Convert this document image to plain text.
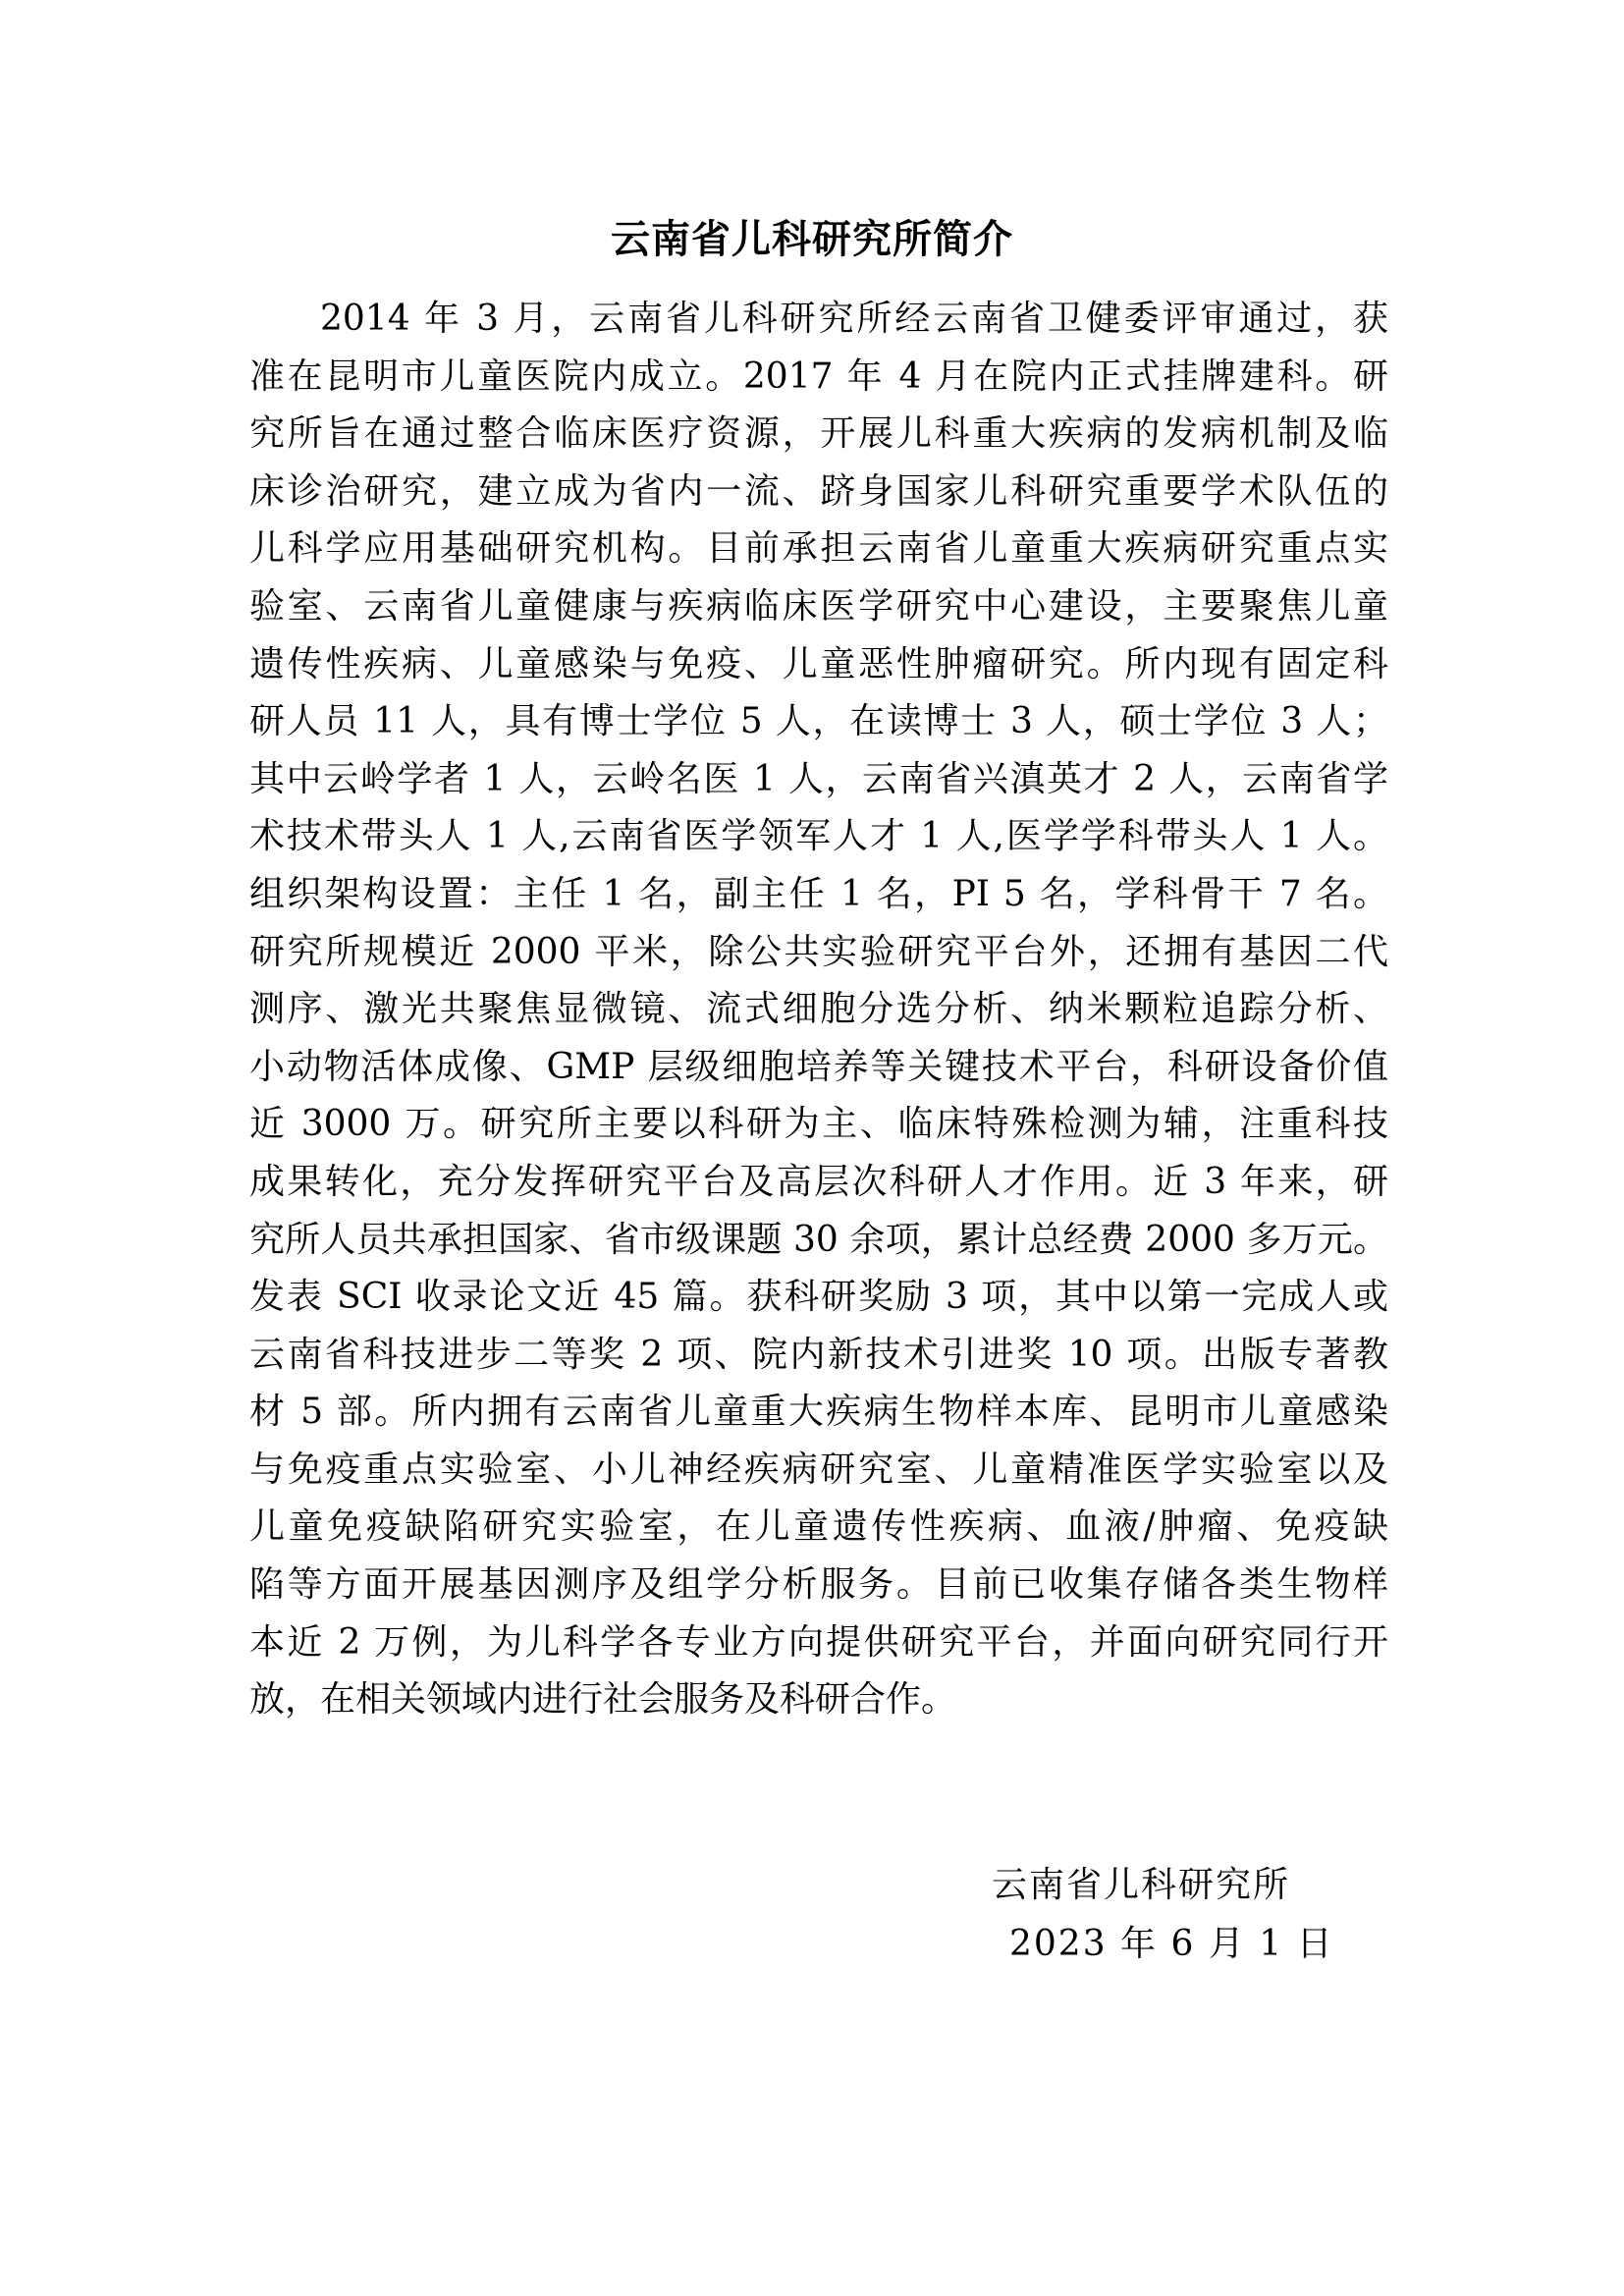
云南省儿科研究所简介
2014 年 3 月，云南省儿科研究所经云南省卫健委评审通过，获
准在昆明市儿童医院内成立。2017 年 4 月在院内正式挂牌建科。研
究所旨在通过整合临床医疗资源，开展儿科重大疾病的发病机制及临
床诊治研究，建立成为省内一流、跻身国家儿科研究重要学术队伍的
儿科学应用基础研究机构。目前承担云南省儿童重大疾病研究重点实
验室、云南省儿童健康与疾病临床医学研究中心建设，主要聚焦儿童
遗传性疾病、儿童感染与免疫、儿童恶性肿瘤研究。所内现有固定科
研人员 11 人，具有博士学位 5 人，在读博士 3 人，硕士学位 3 人；
其中云岭学者 1 人，云岭名医 1 人，云南省兴滇英才 2 人，云南省学
术技术带头人 1 人,云南省医学领军人才 1 人,医学学科带头人 1 人。
组织架构设置：主任 1 名，副主任 1 名，PI 5 名，学科骨干 7 名。
研究所规模近 2000 平米，除公共实验研究平台外，还拥有基因二代
测序、激光共聚焦显微镜、流式细胞分选分析、纳米颗粒追踪分析、
小动物活体成像、GMP 层级细胞培养等关键技术平台，科研设备价值
近 3000 万。研究所主要以科研为主、临床特殊检测为辅，注重科技
成果转化，充分发挥研究平台及高层次科研人才作用。近 3 年来，研
究所人员共承担国家、省市级课题 30 余项，累计总经费 2000 多万元。
发表 SCI 收录论文近 45 篇。获科研奖励 3 项，其中以第一完成人或
云南省科技进步二等奖 2 项、院内新技术引进奖 10 项。出版专著教
材 5 部。所内拥有云南省儿童重大疾病生物样本库、昆明市儿童感染
与免疫重点实验室、小儿神经疾病研究室、儿童精准医学实验室以及
儿童免疫缺陷研究实验室，在儿童遗传性疾病、血液/肿瘤、免疫缺
陷等方面开展基因测序及组学分析服务。目前已收集存储各类生物样
本近 2 万例，为儿科学各专业方向提供研究平台，并面向研究同行开
放，在相关领域内进行社会服务及科研合作。
云南省儿科研究所
2023 年 6 月 1 日
